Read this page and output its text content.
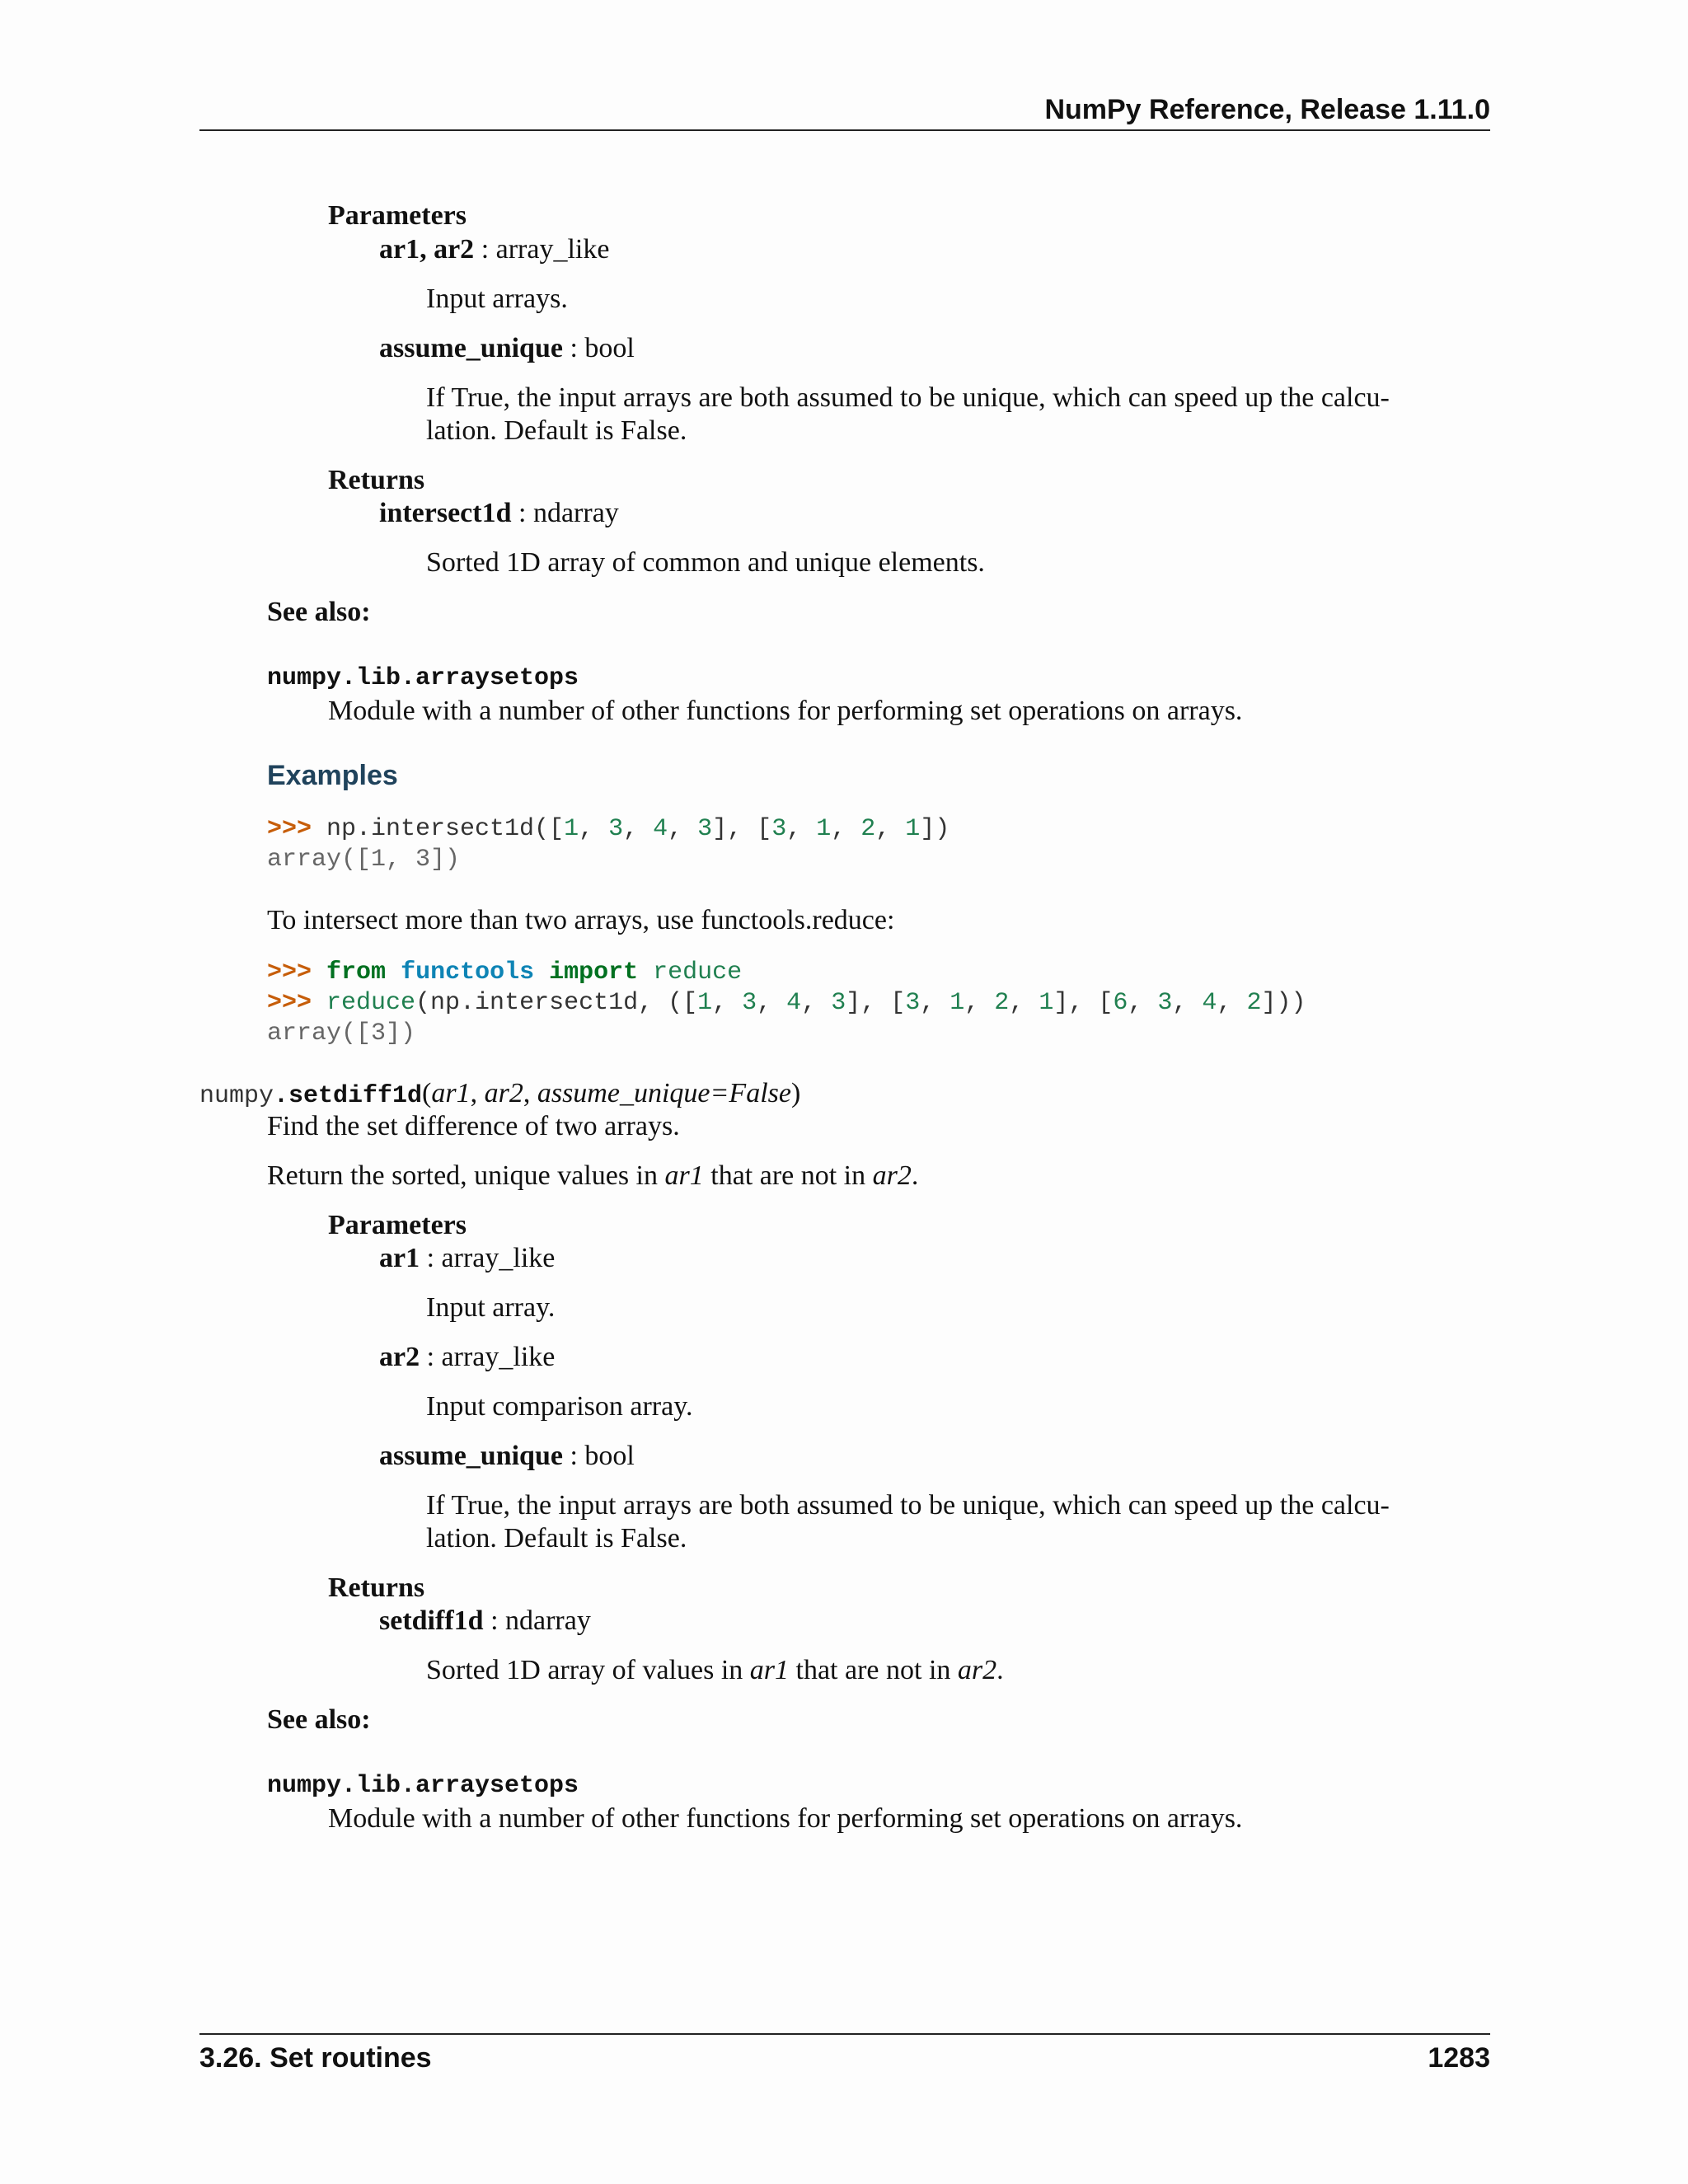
NumPy Reference, Release 1.11.0
Parameters
ar1, ar2 : array_like
Input arrays.
assume_unique : bool
If True, the input arrays are both assumed to be unique, which can speed up the calcu-
lation. Default is False.
Returns
intersect1d : ndarray
Sorted 1D array of common and unique elements.
See also:
numpy.lib.arraysetops
Module with a number of other functions for performing set operations on arrays.
Examples
>>> np.intersect1d([1, 3, 4, 3], [3, 1, 2, 1])
array([1, 3])
To intersect more than two arrays, use functools.reduce:
>>> from functools import reduce
>>> reduce(np.intersect1d, ([1, 3, 4, 3], [3, 1, 2, 1], [6, 3, 4, 2]))
array([3])
numpy.setdiff1d(ar1, ar2, assume_unique=False)
Find the set difference of two arrays.
Return the sorted, unique values in ar1 that are not in ar2.
Parameters
ar1 : array_like
Input array.
ar2 : array_like
Input comparison array.
assume_unique : bool
If True, the input arrays are both assumed to be unique, which can speed up the calcu-
lation. Default is False.
Returns
setdiff1d : ndarray
Sorted 1D array of values in ar1 that are not in ar2.
See also:
numpy.lib.arraysetops
Module with a number of other functions for performing set operations on arrays.
3.26. Set routines	1283
